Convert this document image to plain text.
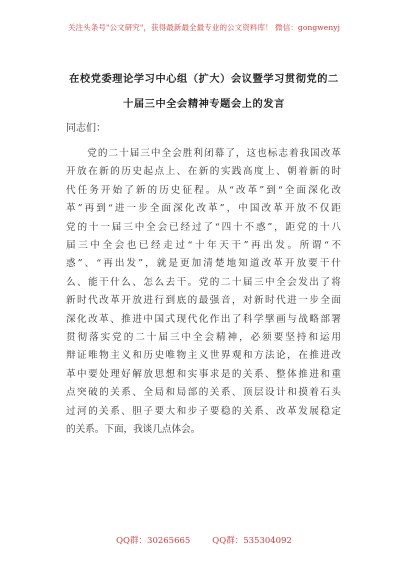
关注头条号"公文研究"，获得最新最全最专业的公文资料库！ 微信：gongwenyj
在校党委理论学习中心组（扩大）会议暨学习贯彻党的二
十届三中全会精神专题会上的发言
同志们：
　　党的二十届三中全会胜利闭幕了，这也标志着我国改革
开放在新的历史起点上、在新的实践高度上、朝着新的时
代任务开始了新的历史征程。从“改革”到“全面深化改
革”再到“进一步全面深化改革”，中国改革开放不仅距
党的十一届三中全会已经过了“四十不惑”，距党的十八
届三中全会也已经走过“十年天干”再出发。所谓“不
惑”、“再出发”，就是更加清楚地知道改革开放要干什
么、能干什么、怎么去干。党的二十届三中全会发出了将
新时代改革开放进行到底的最强音，对新时代进一步全面
深化改革、推进中国式现代化作出了科学擘画与战略部署
贯彻落实党的二十届三中全会精神，必须要坚持和运用
辩证唯物主义和历史唯物主义世界观和方法论，在推进改
革中要处理好解放思想和实事求是的关系、整体推进和重
点突破的关系、全局和局部的关系、顶层设计和摸着石头
过河的关系、胆子要大和步子要稳的关系、改革发展稳定
的关系。下面，我谈几点体会。
QQ群：30265665	QQ群：535304092
